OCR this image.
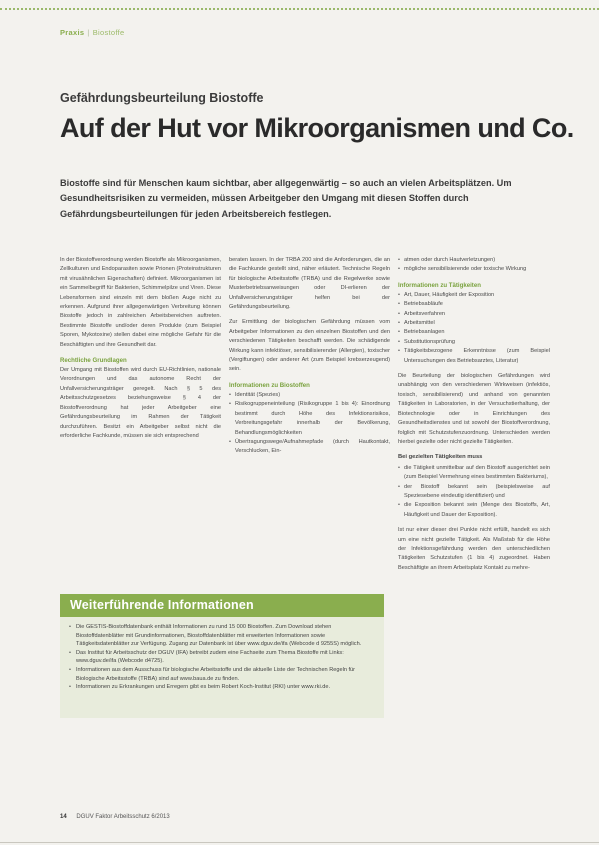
Praxis | Biostoffe
Gefährdungsbeurteilung Biostoffe
Auf der Hut vor Mikroorganismen und Co.
Biostoffe sind für Menschen kaum sichtbar, aber allgegenwärtig – so auch an vielen Arbeitsplätzen. Um Gesundheitsrisiken zu vermeiden, müssen Arbeitgeber den Umgang mit diesen Stoffen durch Gefährdungsbeurteilungen für jeden Arbeitsbereich festlegen.

In der Biostoffverordnung werden Biostoffe als Mikroorganismen, Zellkulturen und Endoparasiten sowie Prionen (Proteinstrukturen mit virusähnlichen Eigenschaften) definiert. Mikroorganismen ist ein Sammelbegriff für Bakterien, Schimmelpilze und Viren. Diese Lebensformen sind einzeln mit dem bloßen Auge nicht zu erkennen. Aufgrund ihrer allgegenwärtigen Verbreitung können Biostoffe jedoch in zahlreichen Arbeitsbereichen auftreten. Bestimmte Biostoffe und/oder deren Produkte (zum Beispiel Sporen, Mykotoxine) stellen dabei eine mögliche Gefahr für die Beschäftigten und ihre Gesundheit dar.

Rechtliche Grundlagen

Der Umgang mit Biostoffen wird durch EU-Richtlinien, nationale Verordnungen und das autonome Recht der Unfallversicherungsträger geregelt. Nach § 5 des Arbeitsschutzgesetzes beziehungsweise § 4 der Biostoffverordnung hat jeder Arbeitgeber eine Gefährdungsbeurteilung im Rahmen der Tätigkeit durchzuführen. Besitzt ein Arbeitgeber selbst nicht die erforderliche Fachkunde, müssen sie sich entsprechend

beraten lassen. In der TRBA 200 sind die Anforderungen, die an die Fachkunde gestellt sind, näher erläutert. Technische Regeln für biologische Arbeitsstoffe (TRBA) und die Regelwerke sowie Musterbetriebsanweisungen oder DI-erlieren der Unfallversicherungsträger helfen bei der Gefährdungsbeurteilung.

Zur Ermittlung der biologischen Gefährdung müssen vom Arbeitgeber Informationen zu den einzelnen Biostoffen und den verschiedenen Tätigkeiten beschafft werden. Die schädigende Wirkung kann infektiöser, sensibilisierender (Allergien), toxischer (Vergiftungen) oder anderer Art (zum Beispiel krebserzeugend) sein.

Informationen zu Biostoffen
• Identität (Spezies)
• Risikogruppeneinteilung (Risikogruppe 1 bis 4): Einordnung bestimmt durch Höhe des Infektionsrisikos, Verbreitungsgefahr innerhalb der Bevölkerung, Behandlungsmöglichkeiten
• Übertragungswege/Aufnahmepfade (durch Hautkontakt, Verschlucken, Ein-
• atmen oder durch Hautverletzungen)
• mögliche sensibilisierende oder toxische Wirkung
Informationen zu Tätigkeiten
• Art, Dauer, Häufigkeit der Exposition
• Betriebsabläufe
• Arbeitsverfahren
• Arbeitsmittel
• Betriebsanlagen
• Substitutionsprüfung
• Tätigkeitsbezogene Erkenntnisse (zum Beispiel Untersuchungen des Betriebsarztes, Literatur)

Die Beurteilung der biologischen Gefährdungen wird unabhängig von den verschiedenen Wirkweisen (infektiös, toxisch, sensibilisierend) und anhand von genannten Tätigkeiten in Laboratorien, in der Versuchstierhaltung, der Biotechnologie oder in Einrichtungen des Gesundheitsdienstes und ist sowohl der Biostoffverordnung, folglich mit Schutzstufenzuordnung. Unterschieden werden hierbei gezielte oder nicht gezielte Tätigkeiten.

Bei gezielten Tätigkeiten muss
• die Tätigkeit unmittelbar auf den Biostoff ausgerichtet sein (zum Beispiel Vermehrung eines bestimmten Bakteriums),
• der Biostoff bekannt sein (beispielsweise auf Speziesebene eindeutig identifiziert) und
• die Exposition bekannt sein (Menge des Biostoffs, Art, Häufigkeit und Dauer der Exposition).

Ist nur einer dieser drei Punkte nicht erfüllt, handelt es sich um eine nicht gezielte Tätigkeit. Als Maßstab für die Höhe der Infektionsgefährdung werden den unterschiedlichen Tätigkeiten Schutzstufen (1 bis 4) zugeordnet. Haben Beschäftigte an ihrem Arbeitsplatz Kontakt zu mehre-

Weiterführende Informationen
• Die GESTIS-Biostoffdatenbank enthält Informationen zu rund 15 000 Biostoffen. Zum Download stehen Biostoffdatenblätter mit Grundinformationen, Biostoffdatenblätter mit erweiterten Informationen sowie Tätigkeitsdatenblätter zur Verfügung. Zugang zur Datenbank ist über www.dguv.de/ifa (Webcode d 9255S) möglich.
• Das Institut für Arbeitsschutz der DGUV (IFA) betreibt zudem eine Fachseite zum Thema Biostoffe mit Links: www.dguv.de/ifa (Webcode d4725).
• Informationen aus dem Ausschuss für biologische Arbeitsstoffe und die aktuelle Liste der Technischen Regeln für Biologische Arbeitsstoffe (TRBA) sind auf www.baua.de zu finden.
• Informationen zu Erkrankungen und Erregern gibt es beim Robert Koch-Institut (RKI) unter www.rki.de.
14 DGUV Faktor Arbeitsschutz 6/2013
